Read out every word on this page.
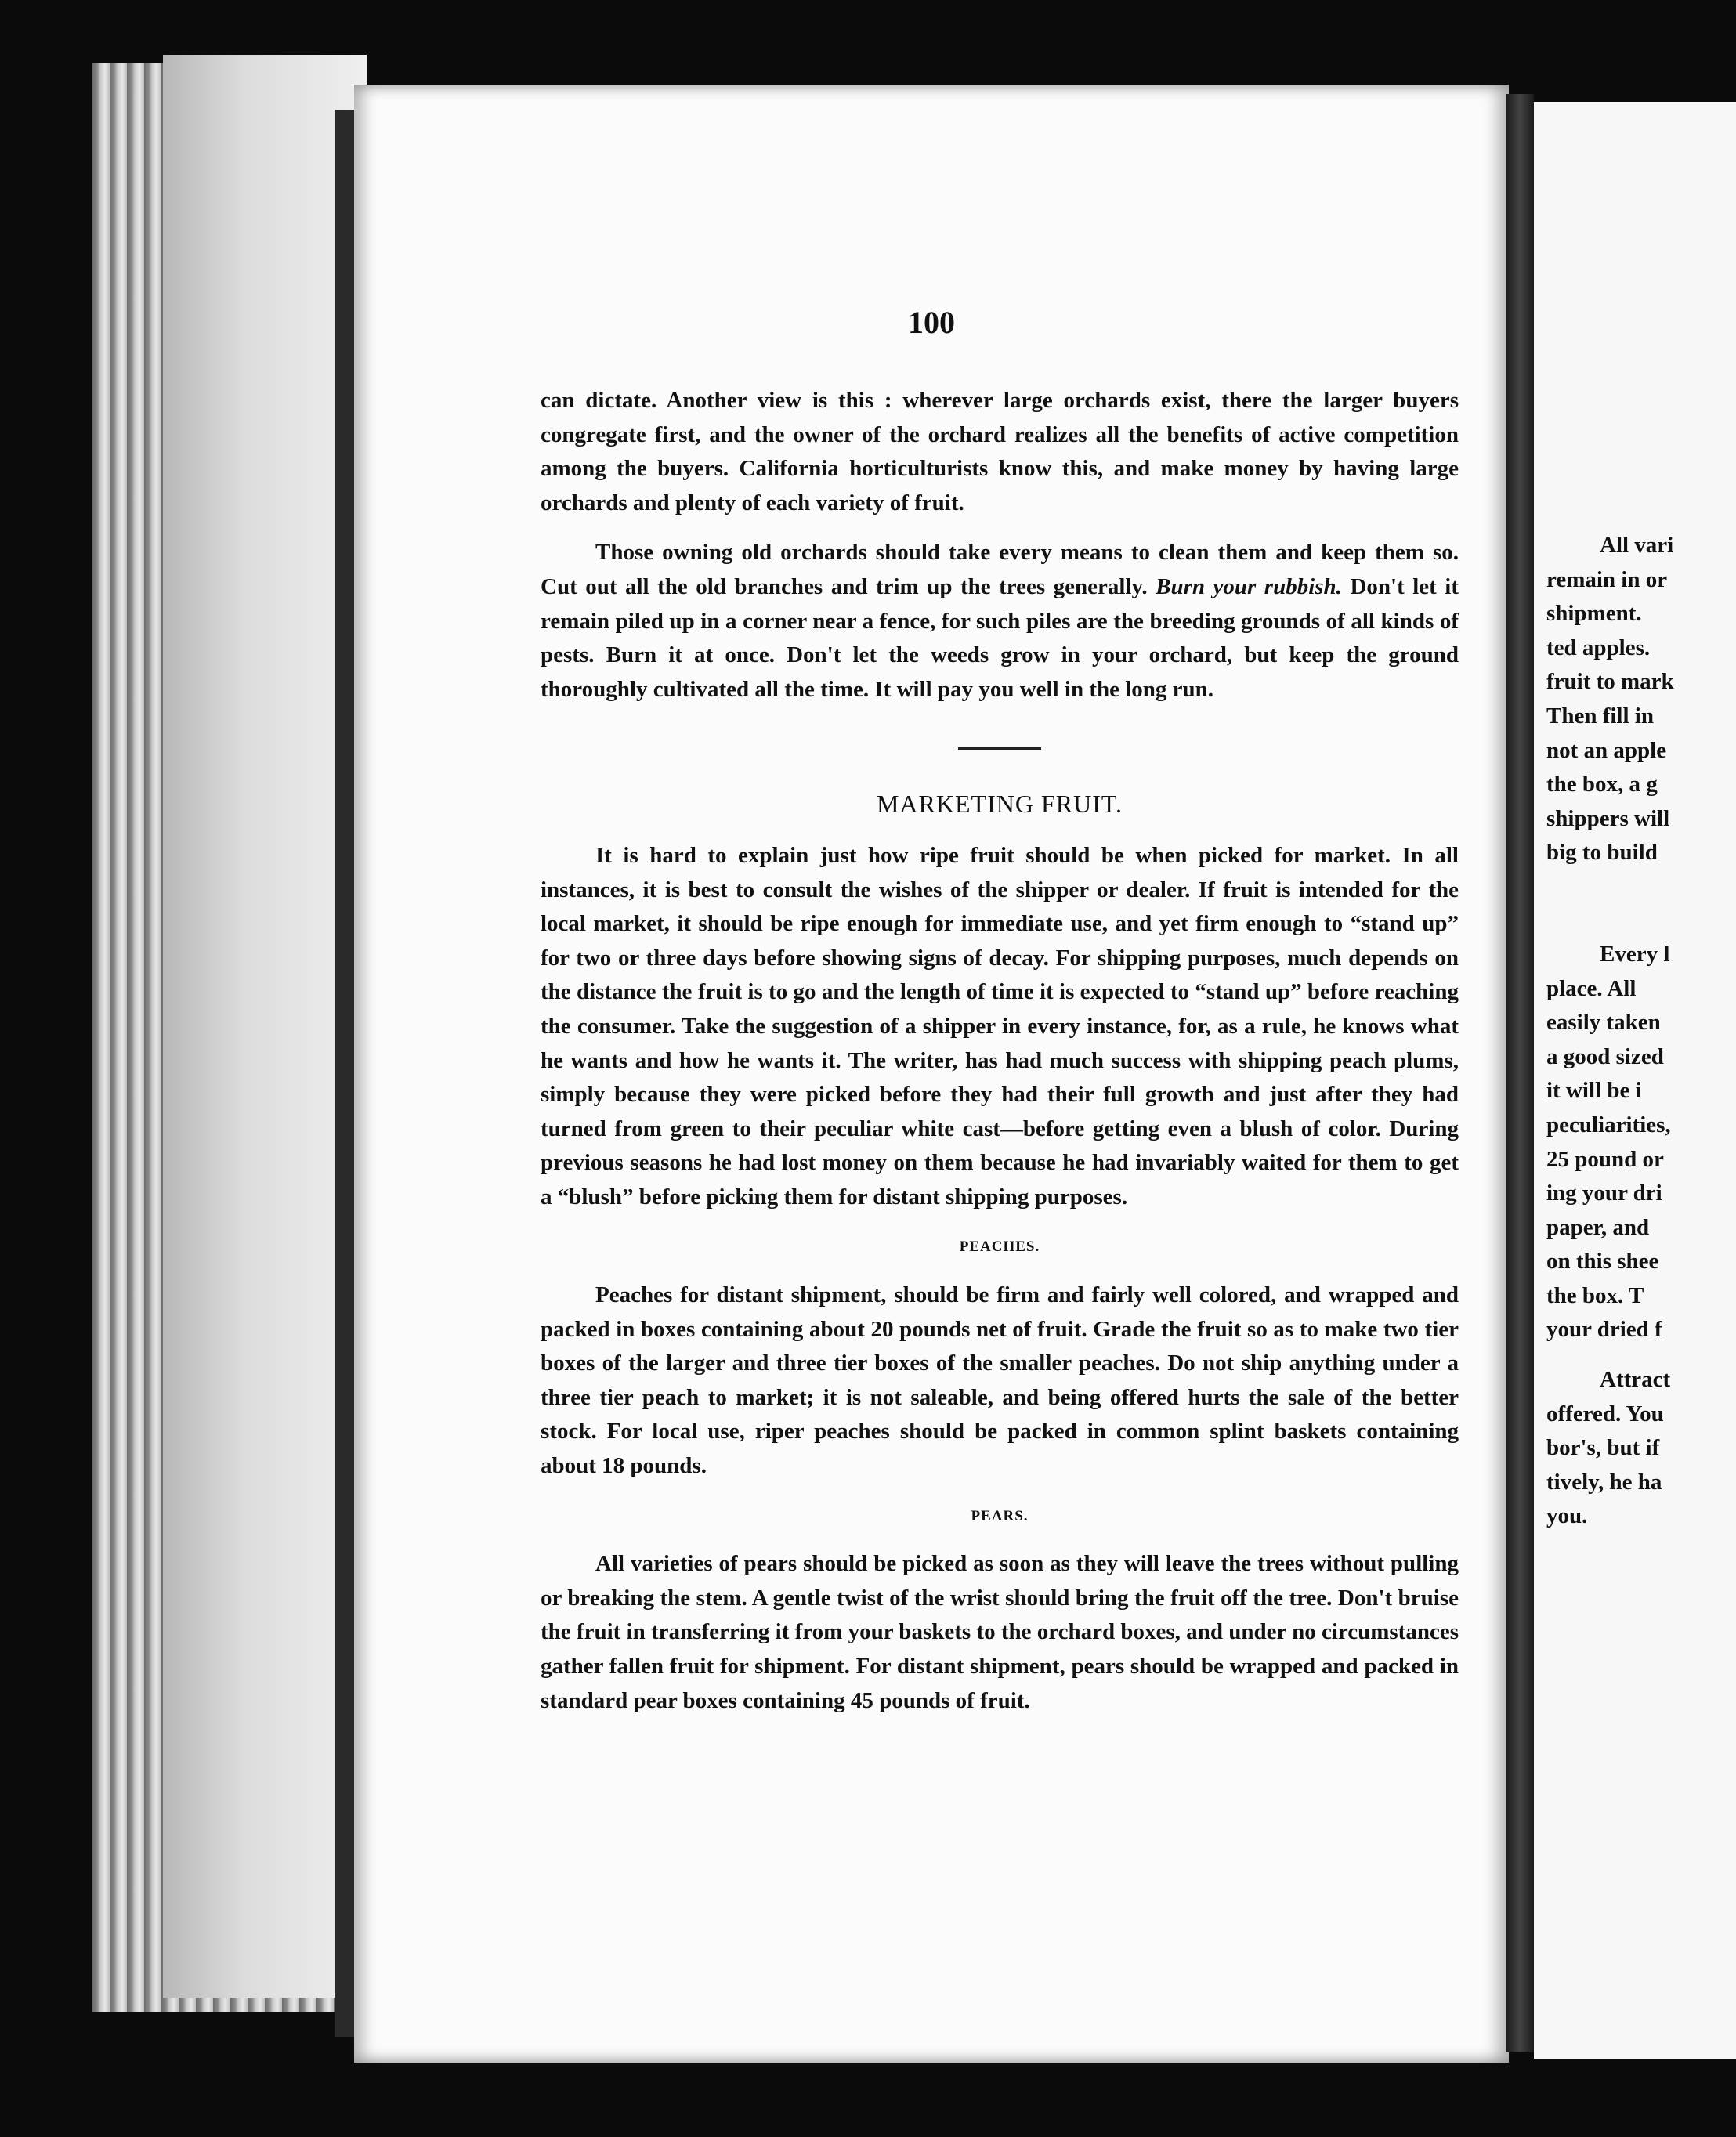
100

can dictate. Another view is this : wherever large orchards exist, there the larger buyers congregate first, and the owner of the orchard realizes all the benefits of active competition among the buyers. California horticulturists know this, and make money by having large orchards and plenty of each variety of fruit.

Those owning old orchards should take every means to clean them and keep them so. Cut out all the old branches and trim up the trees generally. Burn your rubbish. Don't let it remain piled up in a corner near a fence, for such piles are the breeding grounds of all kinds of pests. Burn it at once. Don't let the weeds grow in your orchard, but keep the ground thoroughly cultivated all the time. It will pay you well in the long run.

MARKETING FRUIT.

It is hard to explain just how ripe fruit should be when picked for market. In all instances, it is best to consult the wishes of the shipper or dealer. If fruit is intended for the local market, it should be ripe enough for immediate use, and yet firm enough to “stand up” for two or three days before showing signs of decay. For shipping purposes, much depends on the distance the fruit is to go and the length of time it is expected to “stand up” before reaching the consumer. Take the suggestion of a shipper in every instance, for, as a rule, he knows what he wants and how he wants it. The writer, has had much success with shipping peach plums, simply because they were picked before they had their full growth and just after they had turned from green to their peculiar white cast—before getting even a blush of color. During previous seasons he had lost money on them because he had invariably waited for them to get a “blush” before picking them for distant shipping purposes.

PEACHES.

Peaches for distant shipment, should be firm and fairly well colored, and wrapped and packed in boxes containing about 20 pounds net of fruit. Grade the fruit so as to make two tier boxes of the larger and three tier boxes of the smaller peaches. Do not ship anything under a three tier peach to market; it is not saleable, and being offered hurts the sale of the better stock. For local use, riper peaches should be packed in common splint baskets containing about 18 pounds.

PEARS.

All varieties of pears should be picked as soon as they will leave the trees without pulling or breaking the stem. A gentle twist of the wrist should bring the fruit off the tree. Don't bruise the fruit in transferring it from your baskets to the orchard boxes, and under no circumstances gather fallen fruit for shipment. For distant shipment, pears should be wrapped and packed in standard pear boxes containing 45 pounds of fruit.

All vari
remain in or
shipment.
ted apples.
fruit to mark
Then fill in
not an apple
the box, a g
shippers will
big to build
Every l
place. All
easily taken
a good sized
it will be i
peculiarities,
25 pound or
ing your dri
paper, and
on this shee
the box. T
your dried f
Attract
offered. You
bor's, but if
tively, he ha
you.
